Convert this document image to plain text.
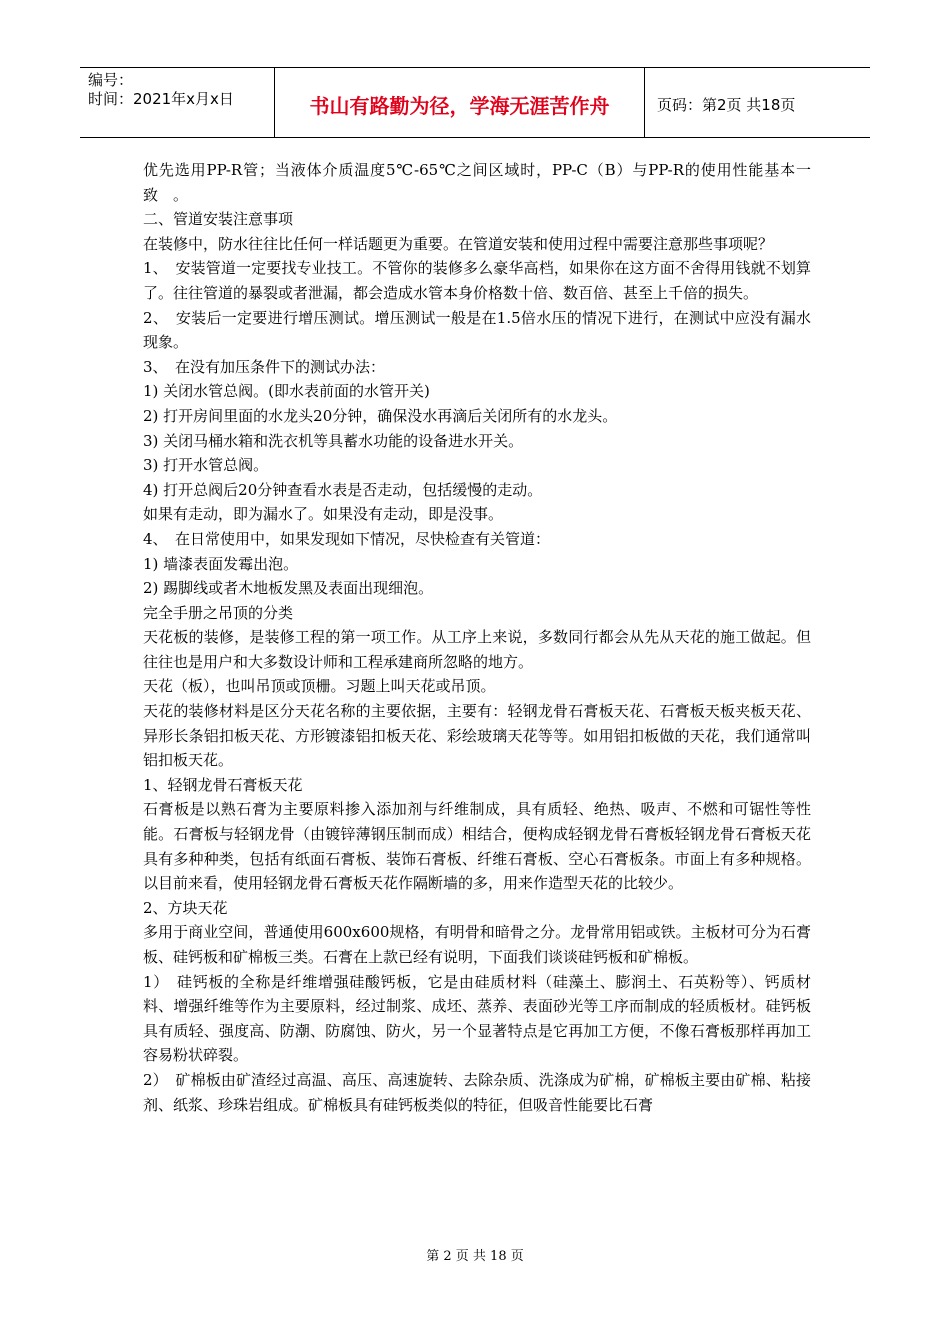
编号：
时间：2021年x月x日	书山有路勤为径，学海无涯苦作舟	页码：第2页 共18页

优先选用PP-R管；当液体介质温度5℃-65℃之间区域时，PP-C（B）与PP-R的使用性能基本一致　。

二、管道安装注意事项

在装修中，防水往往比任何一样话题更为重要。在管道安装和使用过程中需要注意那些事项呢？

1、　安装管道一定要找专业技工。不管你的装修多么豪华高档，如果你在这方面不舍得用钱就不划算了。往往管道的暴裂或者泄漏，都会造成水管本身价格数十倍、数百倍、甚至上千倍的损失。

2、　安装后一定要进行增压测试。增压测试一般是在1.5倍水压的情况下进行，在测试中应没有漏水现象。

3、　在没有加压条件下的测试办法：

1) 关闭水管总阀。(即水表前面的水管开关)

2) 打开房间里面的水龙头20分钟，确保没水再滴后关闭所有的水龙头。

3) 关闭马桶水箱和洗衣机等具蓄水功能的设备进水开关。

3) 打开水管总阀。

4) 打开总阀后20分钟查看水表是否走动，包括缓慢的走动。

如果有走动，即为漏水了。如果没有走动，即是没事。

4、　在日常使用中，如果发现如下情况，尽快检查有关管道：

1) 墙漆表面发霉出泡。

2) 踢脚线或者木地板发黑及表面出现细泡。

完全手册之吊顶的分类

天花板的装修，是装修工程的第一项工作。从工序上来说，多数同行都会从先从天花的施工做起。但往往也是用户和大多数设计师和工程承建商所忽略的地方。

天花（板），也叫吊顶或顶栅。习题上叫天花或吊顶。

天花的装修材料是区分天花名称的主要依据，主要有：轻钢龙骨石膏板天花、石膏板天板夹板天花、异形长条铝扣板天花、方形镀漆铝扣板天花、彩绘玻璃天花等等。如用铝扣板做的天花，我们通常叫铝扣板天花。

1、轻钢龙骨石膏板天花

石膏板是以熟石膏为主要原料掺入添加剂与纤维制成，具有质轻、绝热、吸声、不燃和可锯性等性能。石膏板与轻钢龙骨（由镀锌薄钢压制而成）相结合，便构成轻钢龙骨石膏板轻钢龙骨石膏板天花具有多种种类，包括有纸面石膏板、装饰石膏板、纤维石膏板、空心石膏板条。市面上有多种规格。以目前来看，使用轻钢龙骨石膏板天花作隔断墙的多，用来作造型天花的比较少。

2、方块天花

多用于商业空间，普通使用600x600规格，有明骨和暗骨之分。龙骨常用铝或铁。主板材可分为石膏板、硅钙板和矿棉板三类。石膏在上款已经有说明，下面我们谈谈硅钙板和矿棉板。

1）　硅钙板的全称是纤维增强硅酸钙板，它是由硅质材料（硅藻土、膨润土、石英粉等）、钙质材料、增强纤维等作为主要原料，经过制浆、成坯、蒸养、表面砂光等工序而制成的轻质板材。硅钙板具有质轻、强度高、防潮、防腐蚀、防火，另一个显著特点是它再加工方便，不像石膏板那样再加工容易粉状碎裂。

2）　矿棉板由矿渣经过高温、高压、高速旋转、去除杂质、洗涤成为矿棉，矿棉板主要由矿棉、粘接剂、纸浆、珍珠岩组成。矿棉板具有硅钙板类似的特征，但吸音性能要比石膏

第 2 页 共 18 页
